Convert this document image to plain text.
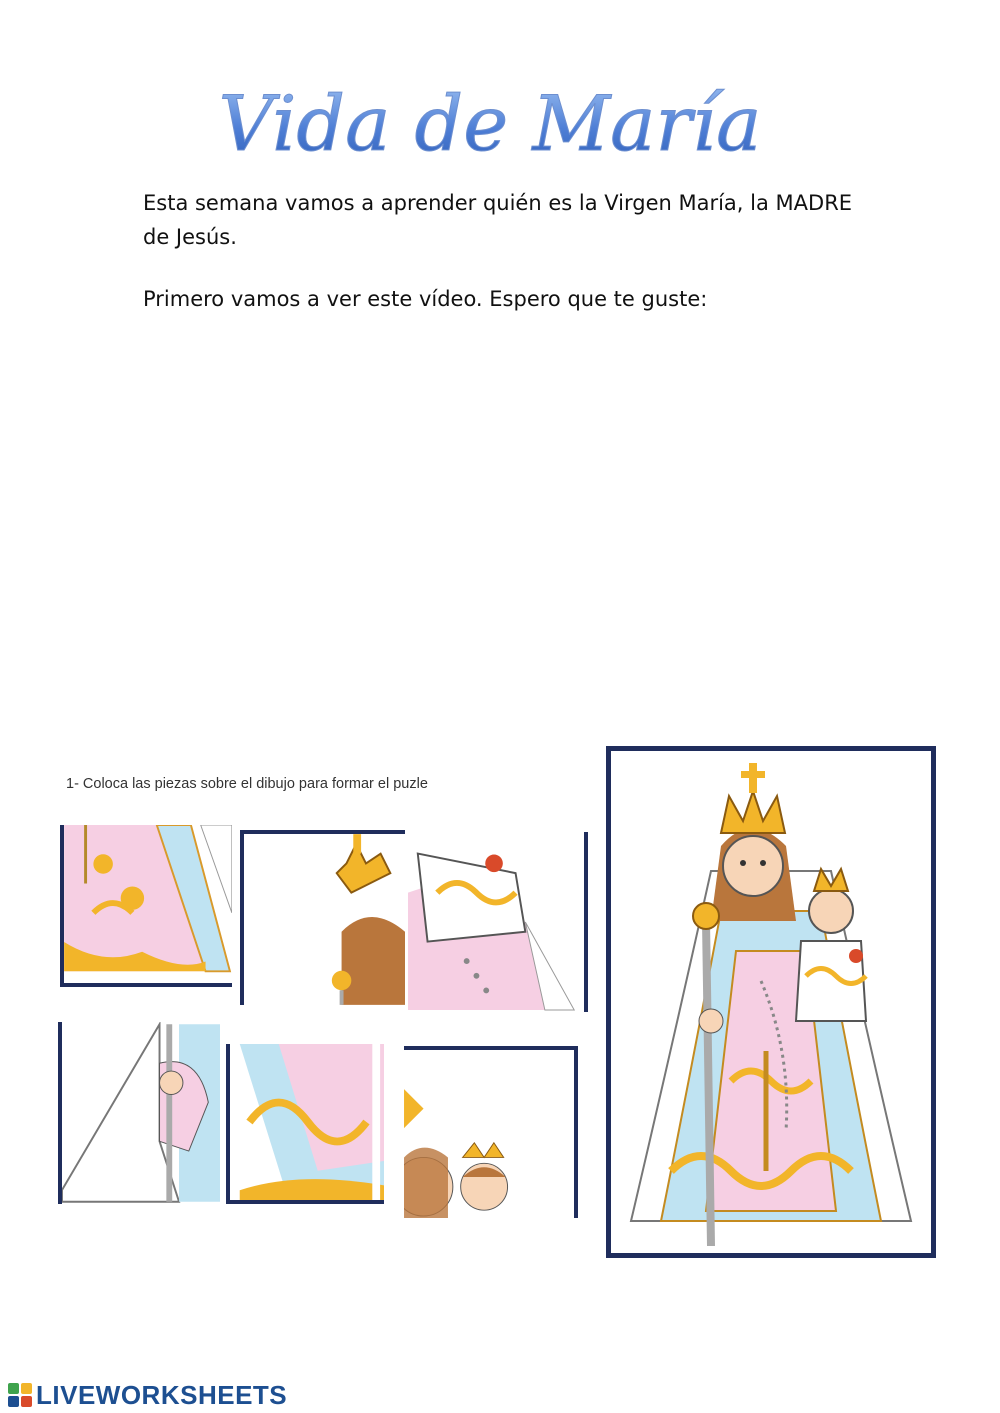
Vida de María

Esta semana vamos a aprender quién es la Virgen María, la MADRE de Jesús.

Primero vamos a ver este vídeo. Espero que te guste:

1- Coloca las piezas sobre el dibujo para formar el puzle
LIVEWORKSHEETS
